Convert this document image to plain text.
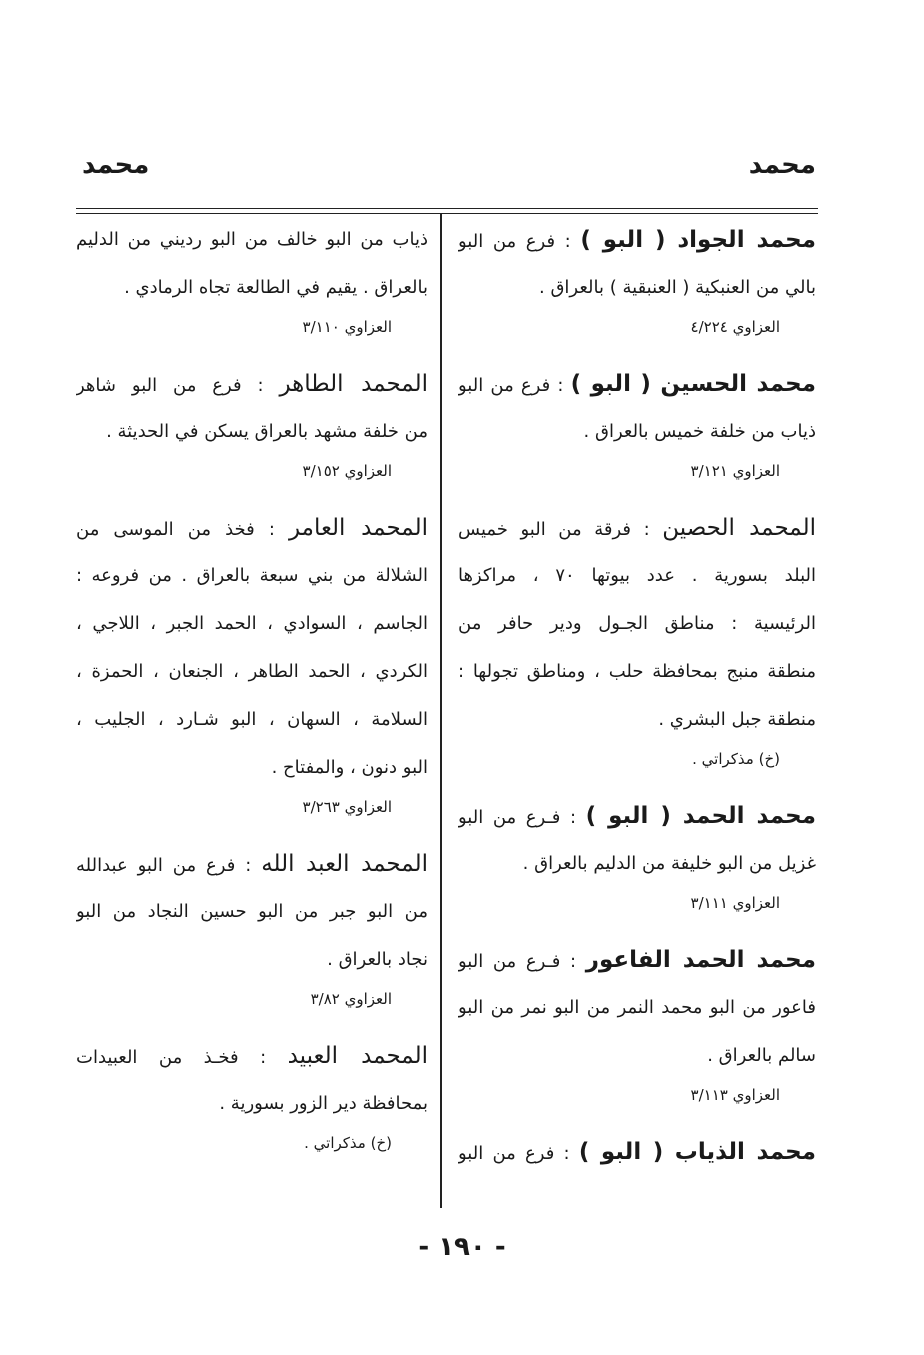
محمد
محمد
محمد الجواد ( البو ) : فرع من البو
بالي من العنبكية ( العنبقية ) بالعراق .
العزاوي ٤/٢٢٤
محمد الحسين ( البو ) : فرع من البو
ذياب من خلفة خميس بالعراق .
العزاوي ٣/١٢١
المحمد الحصين : فرقة من البو خميس
البلد بسورية . عدد بيوتها ٧٠ ، مراكزها
الرئيسية : مناطق الجـول ودير حافر من
منطقة منبج بمحافظة حلب ، ومناطق تجولها :
منطقة جبل البشري .
(خ) مذكراتي .
محمد الحمد ( البو ) : فـرع من البو
غزيل من البو خليفة من الدليم بالعراق .
العزاوي ٣/١١١
محمد الحمد الفاعور : فـرع من البو
فاعور من البو محمد النمر من البو نمر من البو
سالم بالعراق .
العزاوي ٣/١١٣
محمد الذياب ( البو ) : فرع من البو
ذياب من البو خالف من البو رديني من الدليم
بالعراق . يقيم في الطالعة تجاه الرمادي .
العزاوي ٣/١١٠
المحمد الطاهر : فرع من البو شاهر
من خلفة مشهد بالعراق يسكن في الحديثة .
العزاوي ٣/١٥٢
المحمد العامر : فخذ من الموسى من
الشلالة من بني سبعة بالعراق . من فروعه :
الجاسم ، السوادي ، الحمد الجبر ، اللاجي ،
الكردي ، الحمد الطاهر ، الجنعان ، الحمزة ،
السلامة ، السهان ، البو شـارد ، الجليب ،
البو دنون ، والمفتاح .
العزاوي ٣/٢٦٣
المحمد العبد الله : فرع من البو عبدالله
من البو جبر من البو حسين النجاد من البو
نجاد بالعراق .
العزاوي ٣/٨٢
المحمد العبيد : فخـذ من العبيدات
بمحافظة دير الزور بسورية .
(خ) مذكراتي .
- ١٩٠ -
